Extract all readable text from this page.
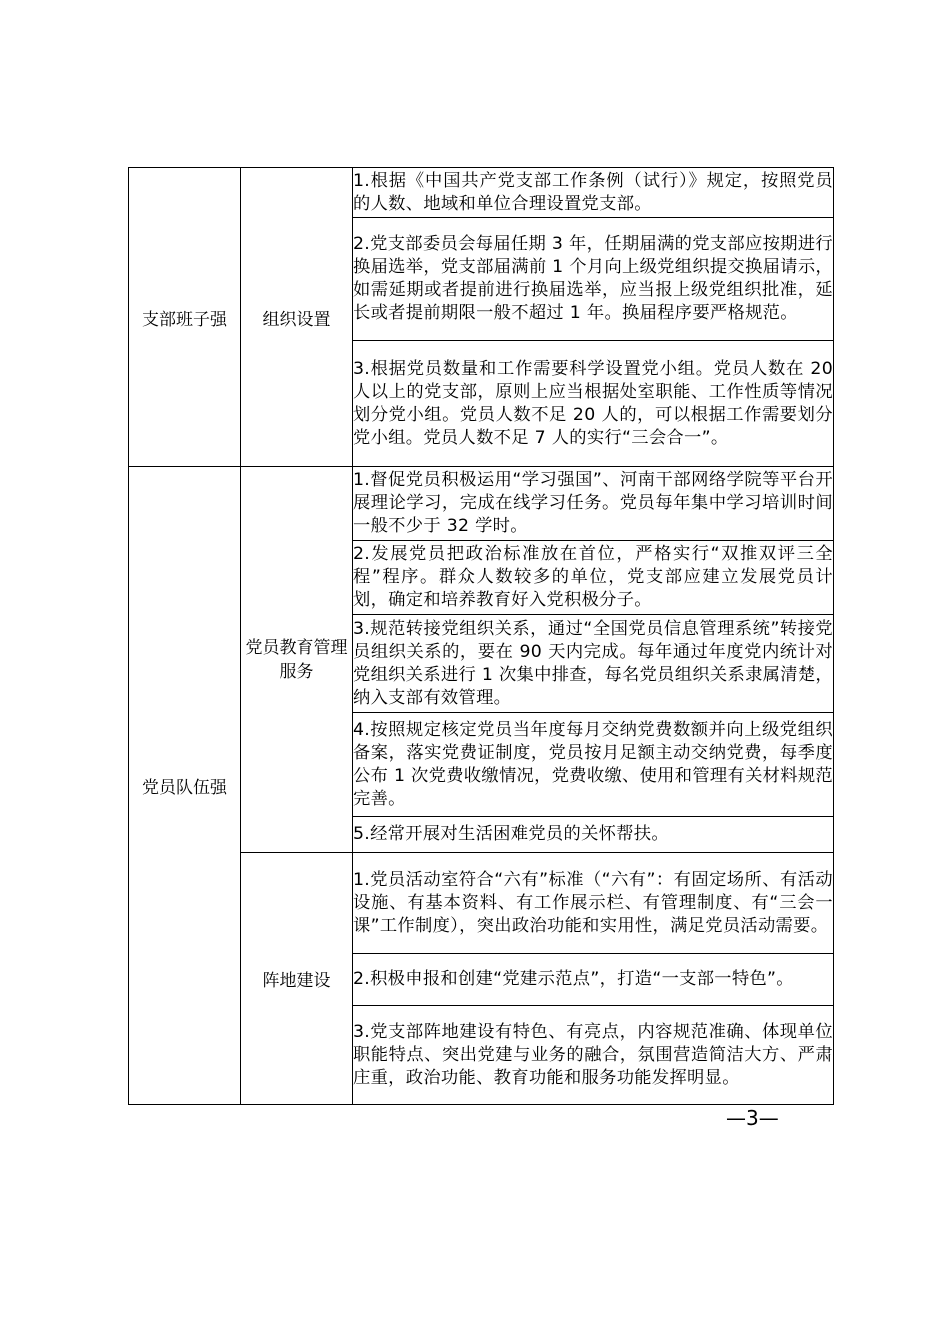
支部班子强	组织设置	1.根据《中国共产党支部工作条例（试行）》规定，按照党员的人数、地域和单位合理设置党支部。
		2.党支部委员会每届任期 3 年，任期届满的党支部应按期进行换届选举，党支部届满前 1 个月向上级党组织提交换届请示，如需延期或者提前进行换届选举，应当报上级党组织批准，延长或者提前期限一般不超过 1 年。换届程序要严格规范。
		3.根据党员数量和工作需要科学设置党小组。党员人数在 20 人以上的党支部，原则上应当根据处室职能、工作性质等情况划分党小组。党员人数不足 20 人的，可以根据工作需要划分党小组。党员人数不足 7 人的实行“三会合一”。
党员队伍强	党员教育管理服务	1.督促党员积极运用“学习强国”、河南干部网络学院等平台开展理论学习，完成在线学习任务。党员每年集中学习培训时间一般不少于 32 学时。
		2.发展党员把政治标准放在首位，严格实行“双推双评三全程”程序。群众人数较多的单位，党支部应建立发展党员计划，确定和培养教育好入党积极分子。
		3.规范转接党组织关系，通过“全国党员信息管理系统”转接党员组织关系的，要在 90 天内完成。每年通过年度党内统计对党组织关系进行 1 次集中排查，每名党员组织关系隶属清楚，纳入支部有效管理。
		4.按照规定核定党员当年度每月交纳党费数额并向上级党组织备案，落实党费证制度，党员按月足额主动交纳党费，每季度公布 1 次党费收缴情况，党费收缴、使用和管理有关材料规范完善。
		5.经常开展对生活困难党员的关怀帮扶。
	阵地建设	1.党员活动室符合“六有”标准（“六有”：有固定场所、有活动设施、有基本资料、有工作展示栏、有管理制度、有“三会一课”工作制度），突出政治功能和实用性，满足党员活动需要。
		2.积极申报和创建“党建示范点”，打造“一支部一特色”。
		3.党支部阵地建设有特色、有亮点，内容规范准确、体现单位职能特点、突出党建与业务的融合，氛围营造简洁大方、严肃庄重，政治功能、教育功能和服务功能发挥明显。
—3—
